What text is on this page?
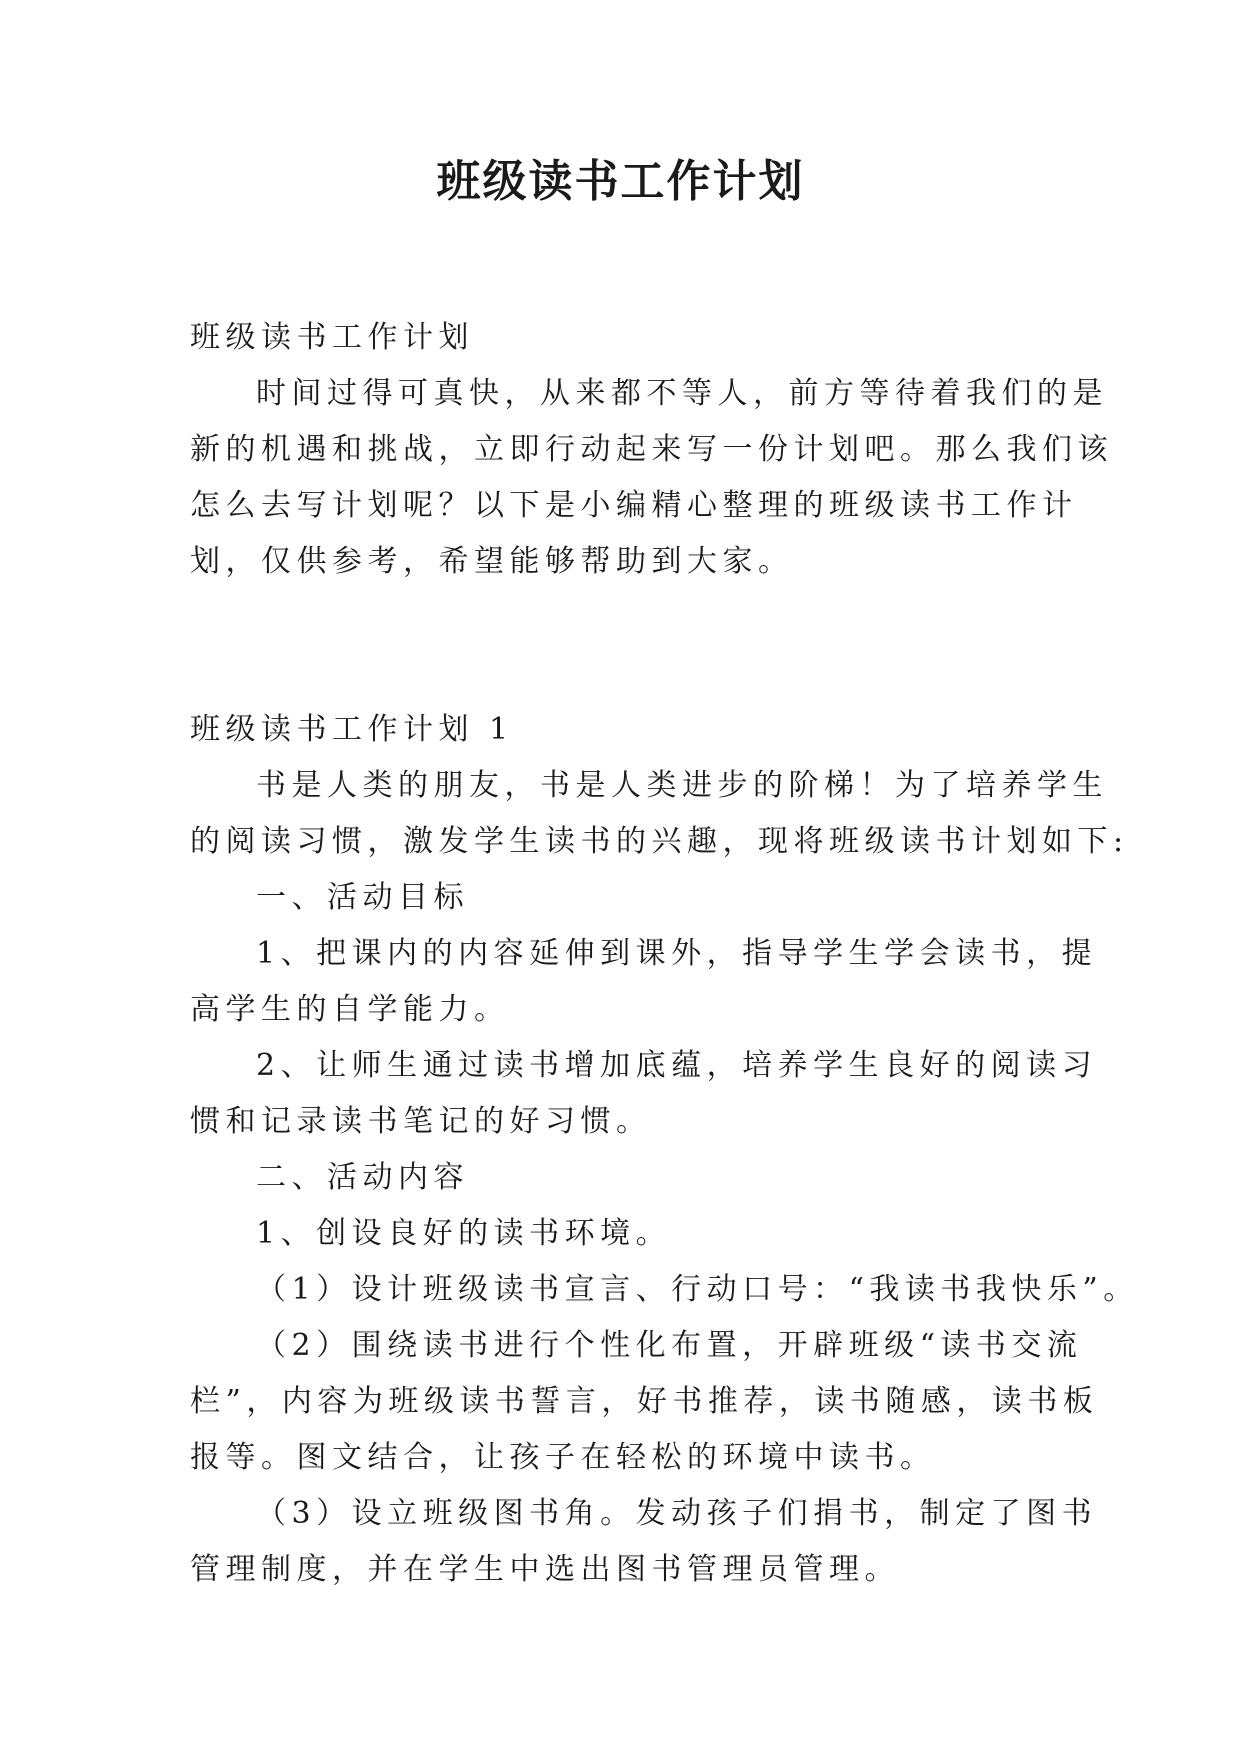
班级读书工作计划

班级读书工作计划

时间过得可真快，从来都不等人，前方等待着我们的是

新的机遇和挑战，立即行动起来写一份计划吧。那么我们该

怎么去写计划呢？以下是小编精心整理的班级读书工作计

划，仅供参考，希望能够帮助到大家。

班级读书工作计划 1

书是人类的朋友，书是人类进步的阶梯！为了培养学生

的阅读习惯，激发学生读书的兴趣，现将班级读书计划如下:

一、活动目标

1、把课内的内容延伸到课外，指导学生学会读书，提

高学生的自学能力。

2、让师生通过读书增加底蕴，培养学生良好的阅读习

惯和记录读书笔记的好习惯。

二、活动内容

1、创设良好的读书环境。

（1）设计班级读书宣言、行动口号：“我读书我快乐”。

（2）围绕读书进行个性化布置，开辟班级“读书交流

栏”，内容为班级读书誓言，好书推荐，读书随感，读书板

报等。图文结合，让孩子在轻松的环境中读书。

（3）设立班级图书角。发动孩子们捐书，制定了图书

管理制度，并在学生中选出图书管理员管理。
